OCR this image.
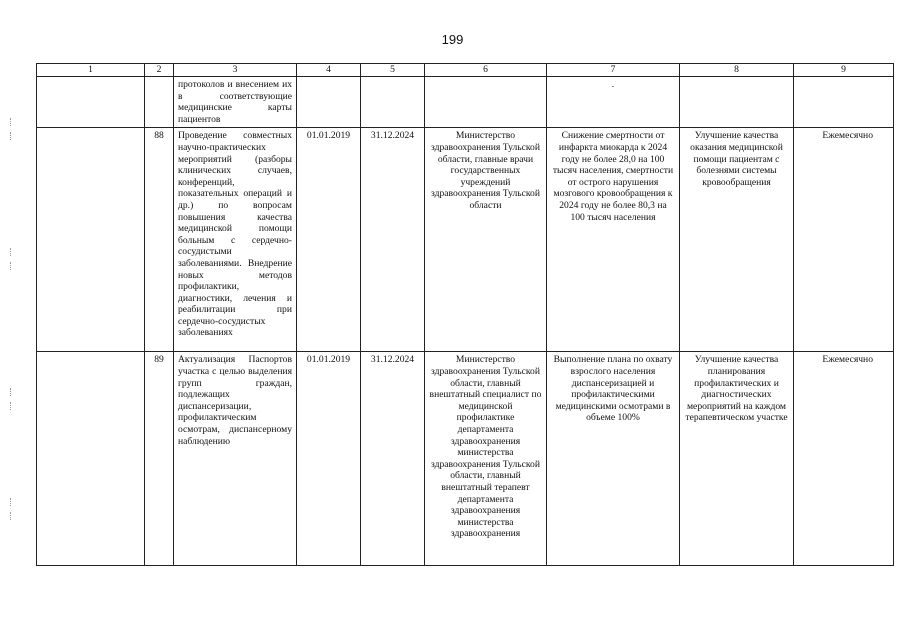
199
1	2	3	4	5	6	7	8	9
		протоколов и внесением их в соответствующие медицинские карты пациентов				.		
	88	Проведение совместных научно-практических мероприятий (разборы клинических случаев, конференций, показательных операций и др.) по вопросам повышения качества медицинской помощи больным с сердечно-сосудистыми заболеваниями. Внедрение новых методов профилактики, диагностики, лечения и реабилитации при сердечно-сосудистых заболеваниях	01.01.2019	31.12.2024	Министерство здравоохранения Тульской области, главные врачи государственных учреждений здравоохранения Тульской области	Снижение смертности от инфаркта миокарда к 2024 году не более 28,0 на 100 тысяч населения, смертности от острого нарушения мозгового кровообращения к 2024 году не более 80,3 на 100 тысяч населения	Улучшение качества оказания медицинской помощи пациентам с болезнями системы кровообращения	Ежемесячно
	89	Актуализация Паспортов участка с целью выделения групп граждан, подлежащих диспансеризации, профилактическим осмотрам, диспансерному наблюдению	01.01.2019	31.12.2024	Министерство здравоохранения Тульской области, главный внештатный специалист по медицинской профилактике департамента здравоохранения министерства здравоохранения Тульской области, главный внештатный терапевт департамента здравоохранения министерства здравоохранения	Выполнение плана по охвату взрослого населения диспансеризацией и профилактическими медицинскими осмотрами в объеме 100%	Улучшение качества планирования профилактических и диагностических мероприятий на каждом терапевтическом участке	Ежемесячно
